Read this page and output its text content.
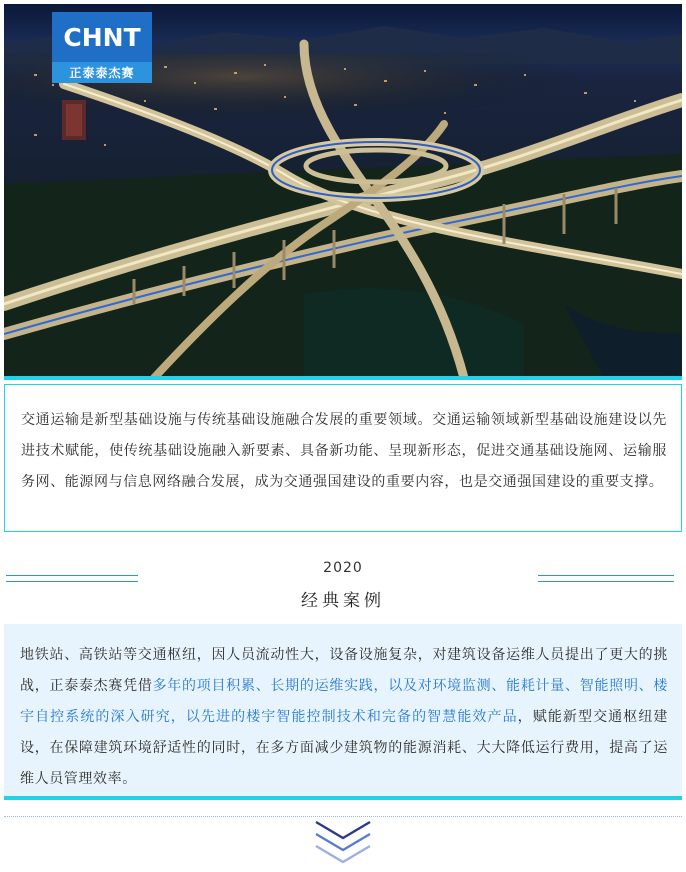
CHNT
正泰泰杰赛

交通运输是新型基础设施与传统基础设施融合发展的重要领域。交通运输领域新型基础设施建设以先进技术赋能，使传统基础设施融入新要素、具备新功能、呈现新形态，促进交通基础设施网、运输服务网、能源网与信息网络融合发展，成为交通强国建设的重要内容，也是交通强国建设的重要支撑。

2020
经典案例

地铁站、高铁站等交通枢纽，因人员流动性大，设备设施复杂，对建筑设备运维人员提出了更大的挑战，正泰泰杰赛凭借多年的项目积累、长期的运维实践，以及对环境监测、能耗计量、智能照明、楼宇自控系统的深入研究，以先进的楼宇智能控制技术和完备的智慧能效产品，赋能新型交通枢纽建设，在保障建筑环境舒适性的同时，在多方面减少建筑物的能源消耗、大大降低运行费用，提高了运维人员管理效率。
